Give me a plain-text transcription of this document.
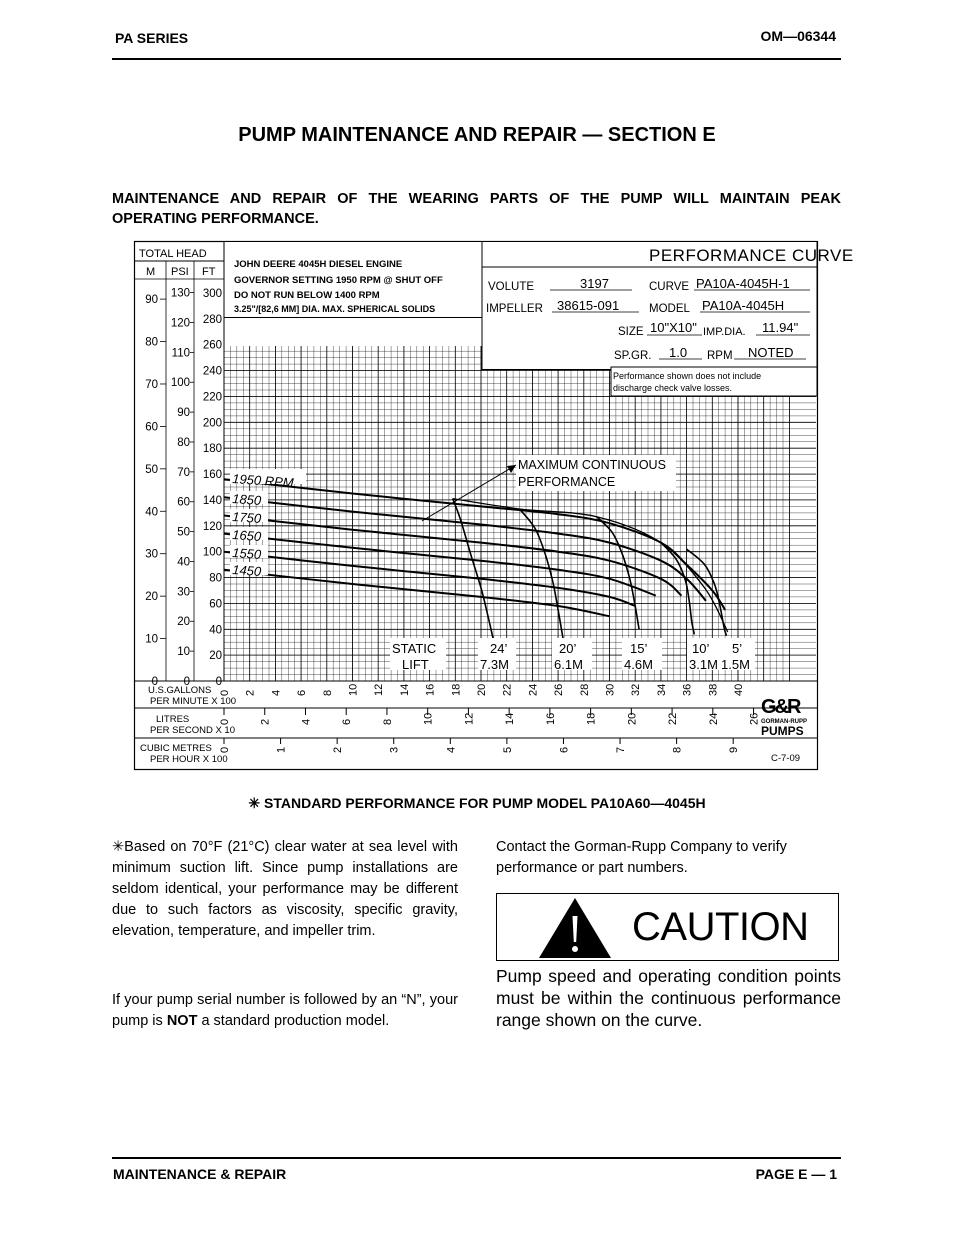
PA SERIES	OM—06344
PUMP MAINTENANCE AND REPAIR — SECTION E
MAINTENANCE AND REPAIR OF THE WEARING PARTS OF THE PUMP WILL MAINTAIN PEAK OPERATING PERFORMANCE.
TOTAL HEAD
M PSI FT
0
20
40
60
80
100
120
140
160
180
200
220
240
260
280
300
0
10
20
30
40
50
60
70
80
90
100
110
120
130
0
10
20
30
40
50
60
70
80
90
0 2 4 6 8 10 12 14 16 18 20 22 24 26 28 30 32 34 36 38 40
0	2	4	6	8	10	12	14	16	18	20	22	24	26
0	1	2	3	4	5	6	7	8	9
U.S.GALLONS
PER MINUTE X 100
LITRES
PER SECOND X 10
CUBIC METRES
PER HOUR X 100
JOHN DEERE 4045H DIESEL ENGINE
GOVERNOR SETTING 1950 RPM @ SHUT OFF
DO NOT RUN BELOW 1400 RPM
3.25"/[82,6 MM] DIA. MAX. SPHERICAL SOLIDS
PERFORMANCE CURVE
VOLUTE	3197	CURVE PA10A-4045H-1
IMPELLER 38615-091	MODEL PA10A-4045H
SIZE 10"X10" IMP.DIA. 11.94"
SP.GR. 1.0 RPM NOTED
Performance shown does not include
discharge check valve losses.
1950 RPM
1850
1750
1650
1550
1450
MAXIMUM CONTINUOUS
PERFORMANCE
STATIC
LIFT
24’
7.3M
20’
6.1M
15’
4.6M
10’
3.1M
5’
1.5M
G&R
GORMAN-RUPP
PUMPS
C-7-09
✳ STANDARD PERFORMANCE FOR PUMP MODEL PA10A60—4045H
✳Based on 70°F (21°C) clear water at sea level with minimum suction lift. Since pump installations are seldom identical, your performance may be different due to such factors as viscosity, specific gravity, elevation, temperature, and impeller trim.
If your pump serial number is followed by an “N”, your pump is NOT a standard production model.
Contact the Gorman-Rupp Company to verify performance or part numbers.
CAUTION
Pump speed and operating condition points must be within the continuous performance range shown on the curve.
MAINTENANCE & REPAIR	PAGE E — 1
